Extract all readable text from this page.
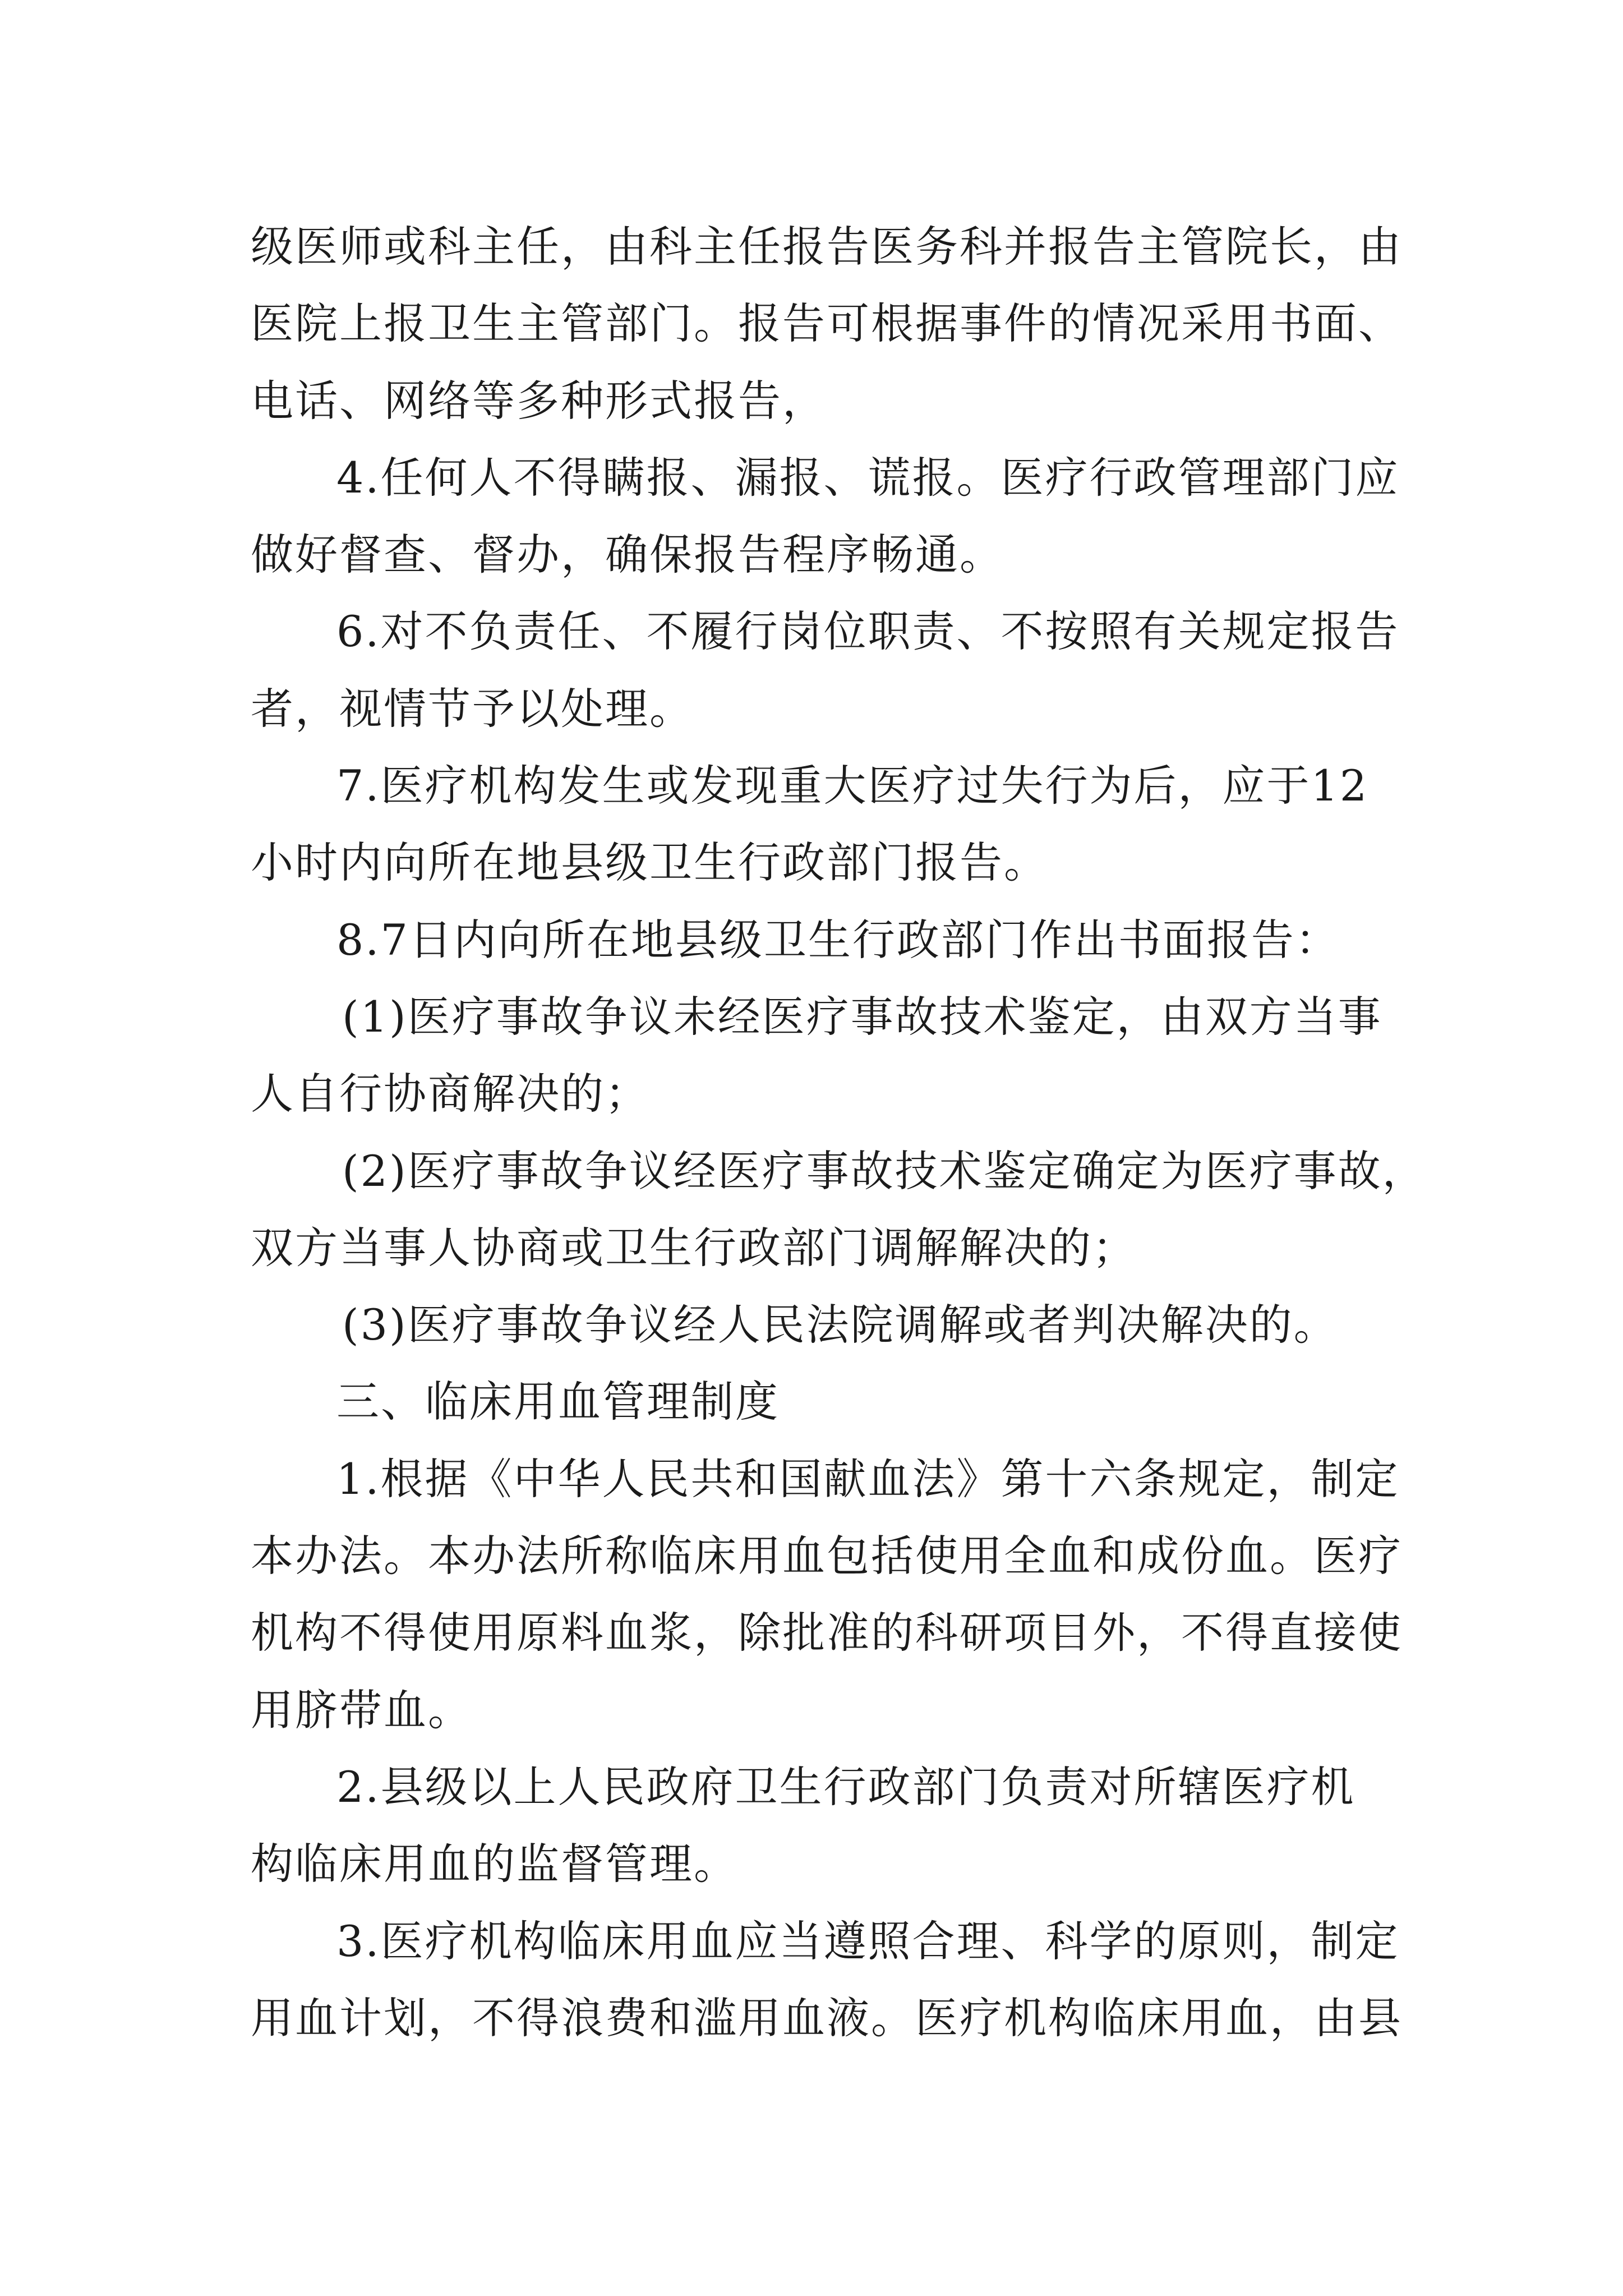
级医师或科主任，由科主任报告医务科并报告主管院长，由
医院上报卫生主管部门。报告可根据事件的情况采用书面、
电话、网络等多种形式报告，
4.任何人不得瞒报、漏报、谎报。医疗行政管理部门应
做好督查、督办，确保报告程序畅通。
6.对不负责任、不履行岗位职责、不按照有关规定报告
者，视情节予以处理。
7.医疗机构发生或发现重大医疗过失行为后，应于12
小时内向所在地县级卫生行政部门报告。
8.7日内向所在地县级卫生行政部门作出书面报告：
(1)医疗事故争议未经医疗事故技术鉴定，由双方当事
人自行协商解决的；
(2)医疗事故争议经医疗事故技术鉴定确定为医疗事故，
双方当事人协商或卫生行政部门调解解决的；
(3)医疗事故争议经人民法院调解或者判决解决的。
三、临床用血管理制度
1.根据《中华人民共和国献血法》第十六条规定，制定
本办法。本办法所称临床用血包括使用全血和成份血。医疗
机构不得使用原料血浆，除批准的科研项目外，不得直接使
用脐带血。
2.县级以上人民政府卫生行政部门负责对所辖医疗机
构临床用血的监督管理。
3.医疗机构临床用血应当遵照合理、科学的原则，制定
用血计划，不得浪费和滥用血液。医疗机构临床用血，由县
